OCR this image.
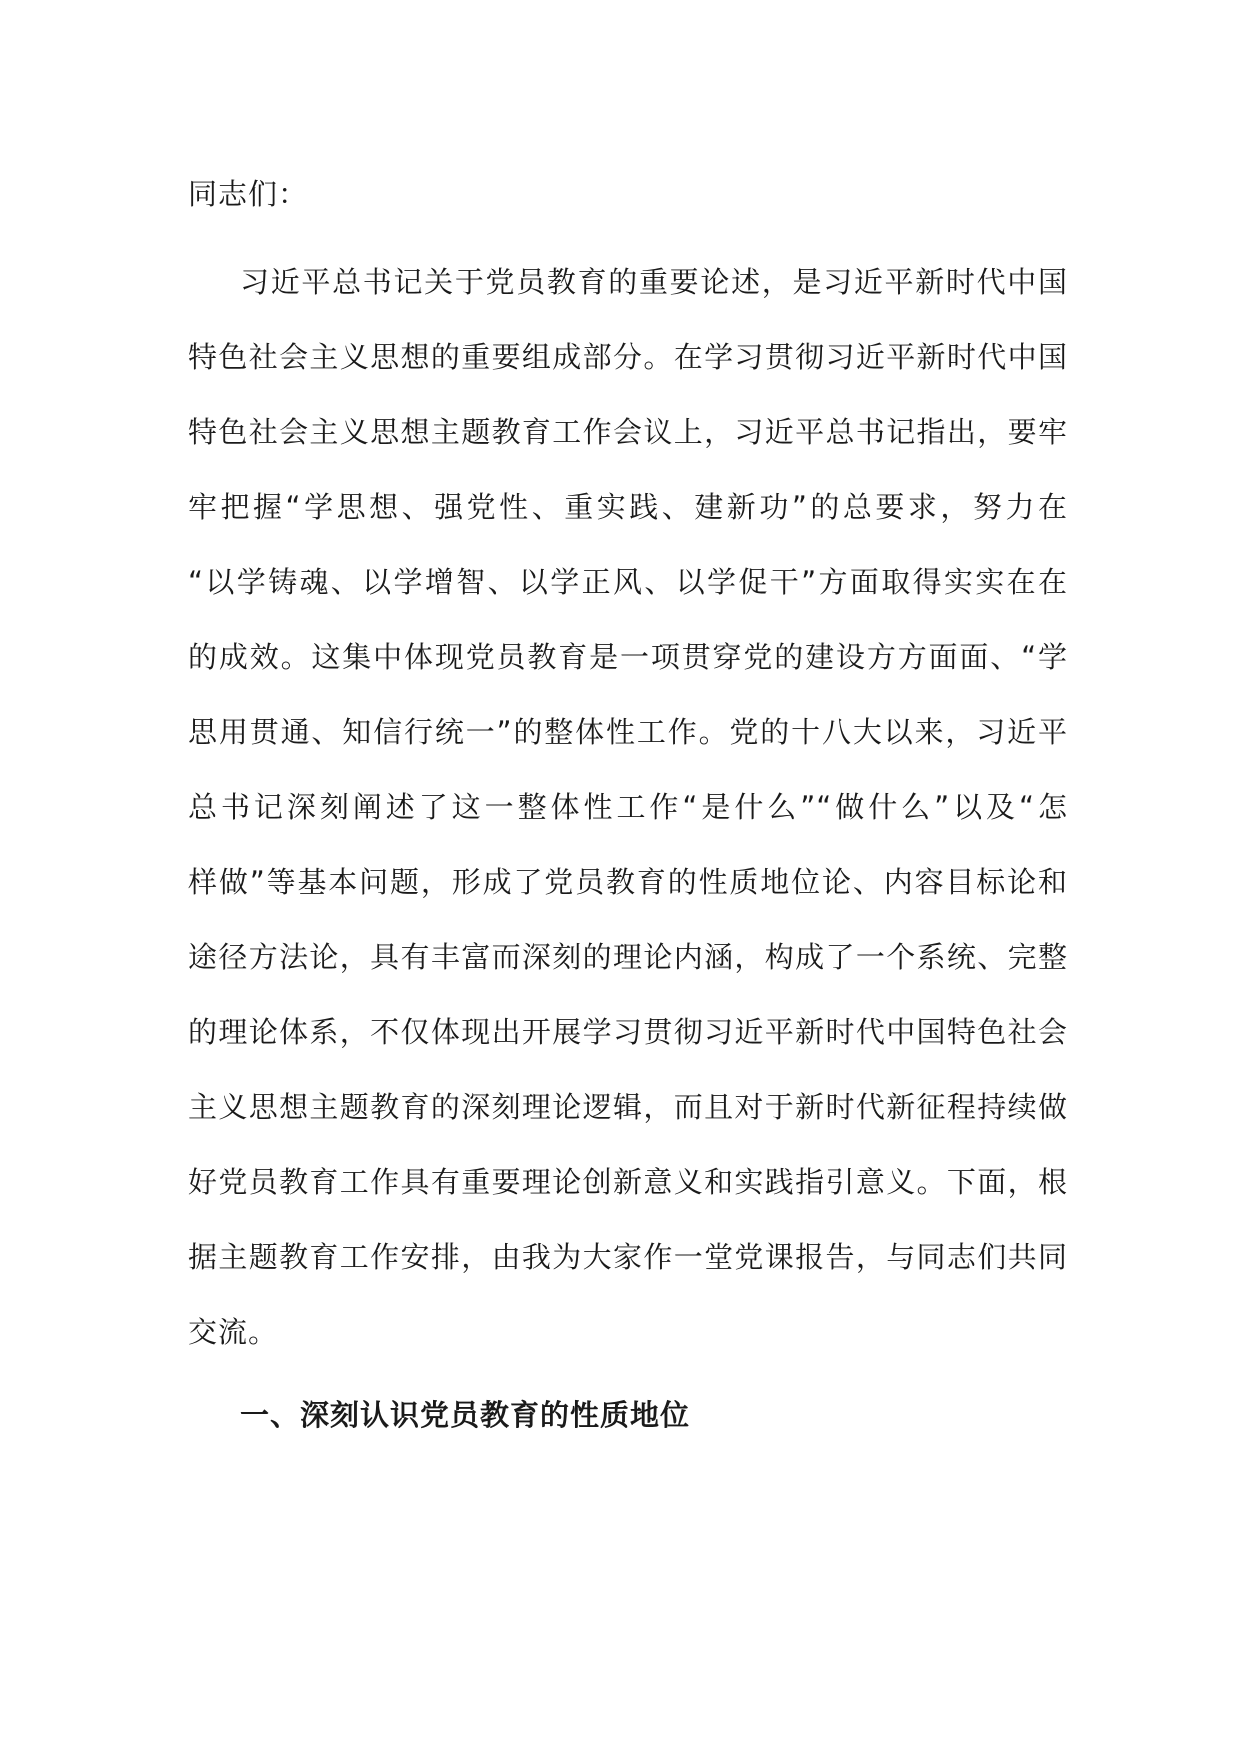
同志们：
习近平总书记关于党员教育的重要论述，是习近平新时代中国
特色社会主义思想的重要组成部分。在学习贯彻习近平新时代中国
特色社会主义思想主题教育工作会议上，习近平总书记指出，要牢
牢把握“学思想、强党性、重实践、建新功”的总要求，努力在
“以学铸魂、以学增智、以学正风、以学促干”方面取得实实在在
的成效。这集中体现党员教育是一项贯穿党的建设方方面面、“学
思用贯通、知信行统一”的整体性工作。党的十八大以来，习近平
总书记深刻阐述了这一整体性工作“是什么”“做什么”以及“怎
样做”等基本问题，形成了党员教育的性质地位论、内容目标论和
途径方法论，具有丰富而深刻的理论内涵，构成了一个系统、完整
的理论体系，不仅体现出开展学习贯彻习近平新时代中国特色社会
主义思想主题教育的深刻理论逻辑，而且对于新时代新征程持续做
好党员教育工作具有重要理论创新意义和实践指引意义。下面，根
据主题教育工作安排，由我为大家作一堂党课报告，与同志们共同
交流。
一、深刻认识党员教育的性质地位
